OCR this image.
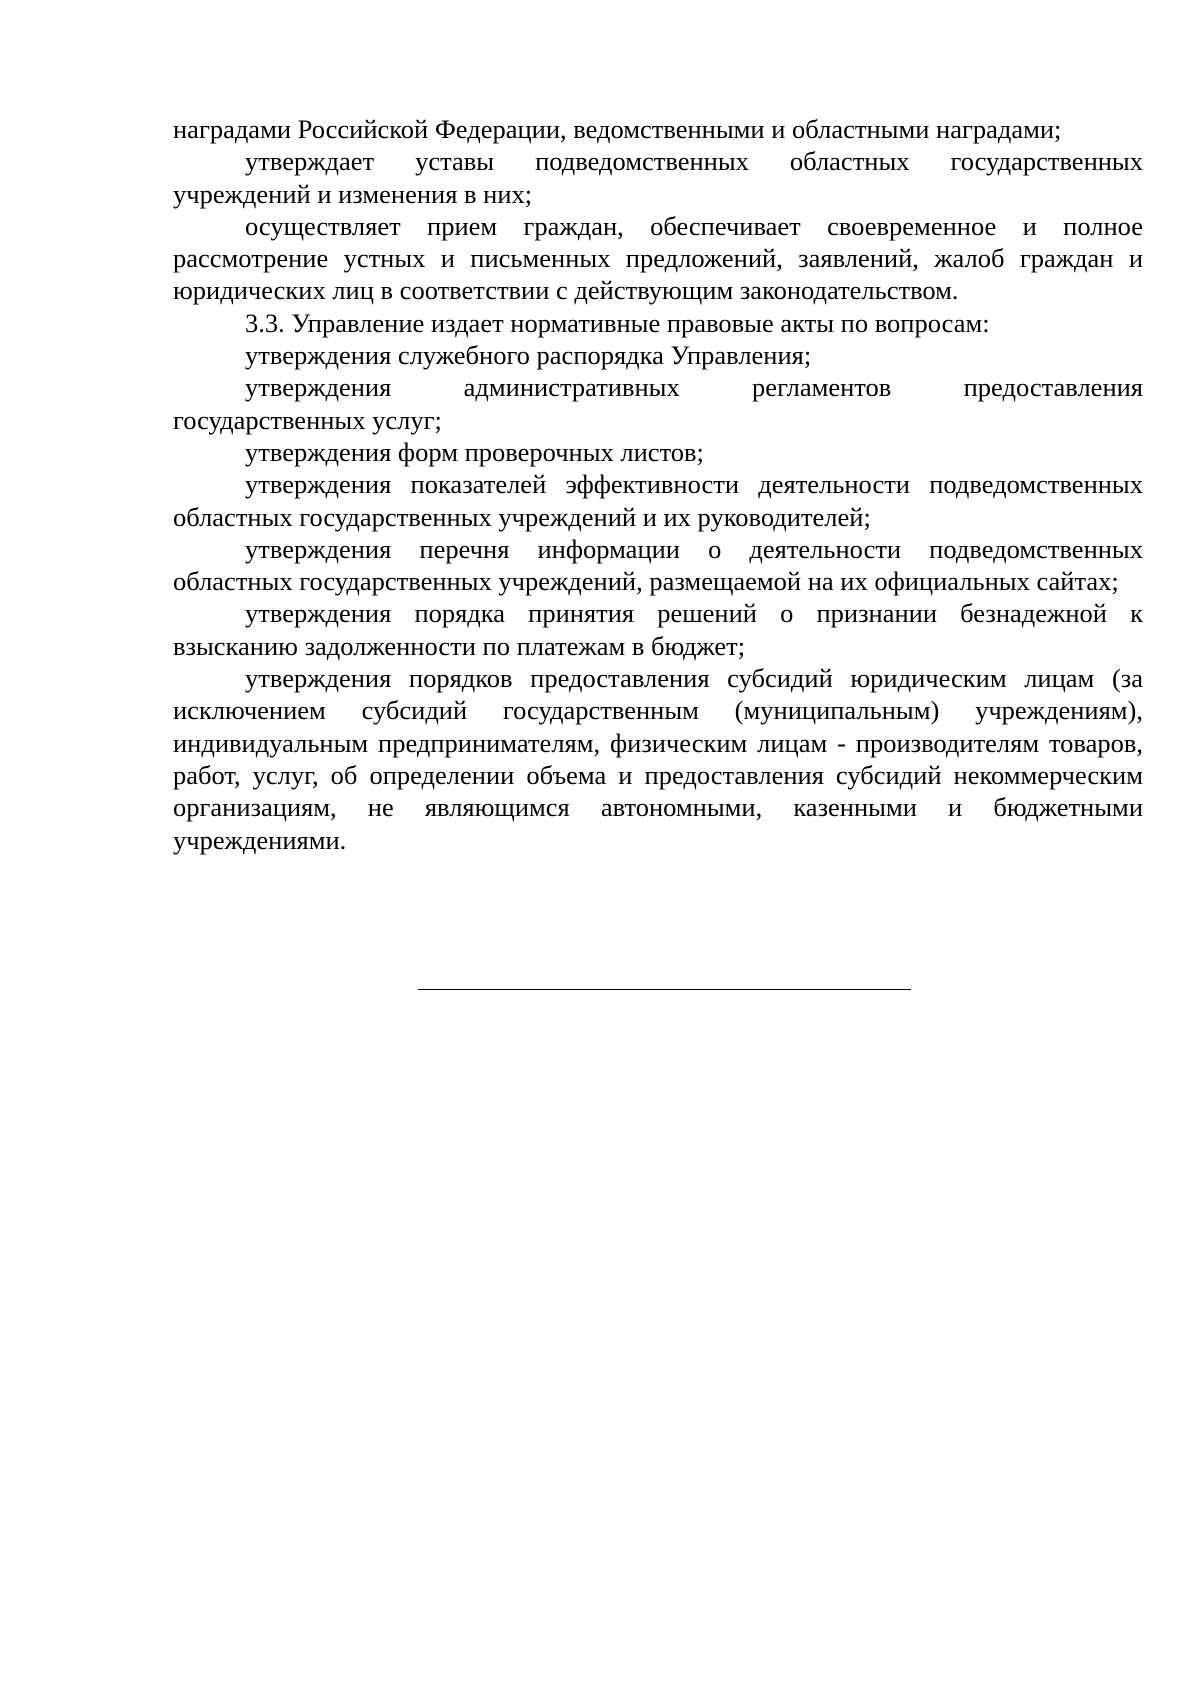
наградами Российской Федерации, ведомственными и областными наградами;

утверждает уставы подведомственных областных государственных учреждений и изменения в них;

осуществляет прием граждан, обеспечивает своевременное и полное рассмотрение устных и письменных предложений, заявлений, жалоб граждан и юридических лиц в соответствии с действующим законодательством.

3.3. Управление издает нормативные правовые акты по вопросам:

утверждения служебного распорядка Управления;

утверждения административных регламентов предоставления государственных услуг;

утверждения форм проверочных листов;

утверждения показателей эффективности деятельности подведомственных областных государственных учреждений и их руководителей;

утверждения перечня информации о деятельности подведомственных областных государственных учреждений, размещаемой на их официальных сайтах;

утверждения порядка принятия решений о признании безнадежной к взысканию задолженности по платежам в бюджет;

утверждения порядков предоставления субсидий юридическим лицам (за исключением субсидий государственным (муниципальным) учреждениям), индивидуальным предпринимателям, физическим лицам - производителям товаров, работ, услуг, об определении объема и предоставления субсидий некоммерческим организациям, не являющимся автономными, казенными и бюджетными учреждениями.
